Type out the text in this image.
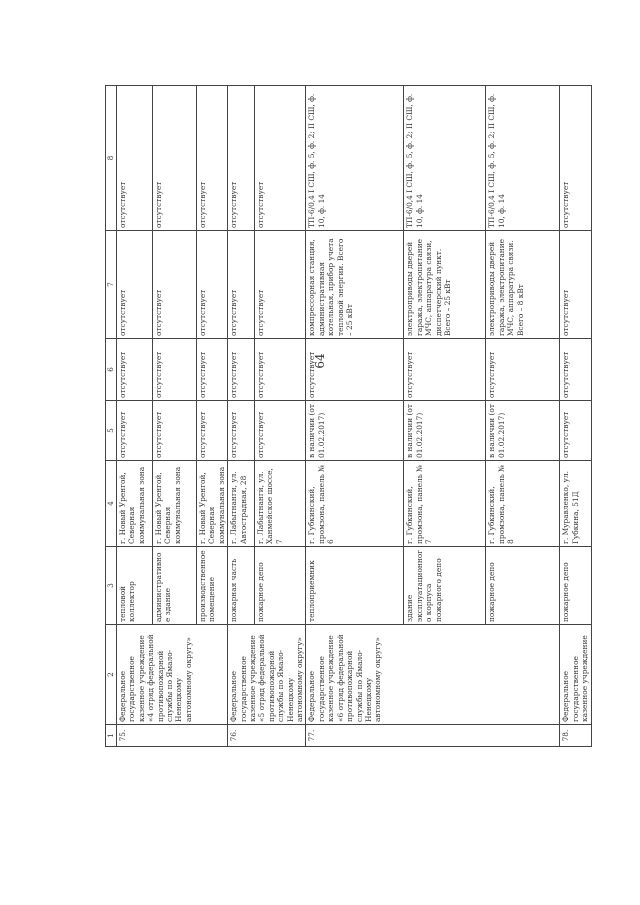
64
1	2	3	4	5	6	7	8
75.	Федеральное государственное казенное учреждение «4 отряд федеральной противопожарной службы по Ямало-Ненецкому автономному округу»	тепловой коллектор	г. Новый Уренгой, Северная коммунальная зона	отсутствует	отсутствует	отсутствует	отсутствует
		административное здание	г. Новый Уренгой, Северная коммунальная зона	отсутствует	отсутствует	отсутствует	отсутствует
		производственное помещение	г. Новый Уренгой, Северная коммунальная зона	отсутствует	отсутствует	отсутствует	отсутствует
76.	Федеральное государственное казенное учреждение «5 отряд федеральной противопожарной службы по Ямало-Ненецкому автономному округу»	пожарная часть	г. Лабытнанги, ул. Автострадная, 28	отсутствует	отсутствует	отсутствует	отсутствует
		пожарное депо	г. Лабытнанги, ул. Ханмейское шоссе, 7	отсутствует	отсутствует	отсутствует	отсутствует
77.	Федеральное государственное казенное учреждение «6 отряд федеральной противопожарной службы по Ямало-Ненецкому автономному округу»	теплоприемник	г. Губкинский, промзона, панель № 6	в наличии (от 01.02.2017)	отсутствует	компрессорная станция, административная котельная, прибор учета тепловой энергии. Всего – 25 кВт	ТП-6/0,4 I СШ, ф. 5, ф. 2; II СШ, ф. 10, ф. 14
		здание эксплуатационного корпуса пожарного депо	г. Губкинский, промзона, панель № 7	в наличии (от 01.02.2017)	отсутствует	электроприводы дверей гаража, электропитание МЧС, аппаратура связи, диспетчерский пункт. Всего – 25 кВт	ТП-6/0,4 I СШ, ф. 5, ф. 2; II СШ, ф. 10, ф. 14
		пожарное депо	г. Губкинский, промзона, панель № 8	в наличии (от 01.02.2017)	отсутствует	электроприводы дверей гаража, электропитание МЧС, аппаратура связи. Всего – 8 кВт	ТП-6/0,4 I СШ, ф. 5, ф. 2; II СШ, ф. 10, ф. 14
78.	Федеральное государственное казенное учреждение	пожарное депо	г. Муравленко, ул. Губкина, 51Д	отсутствует	отсутствует	отсутствует	отсутствует
